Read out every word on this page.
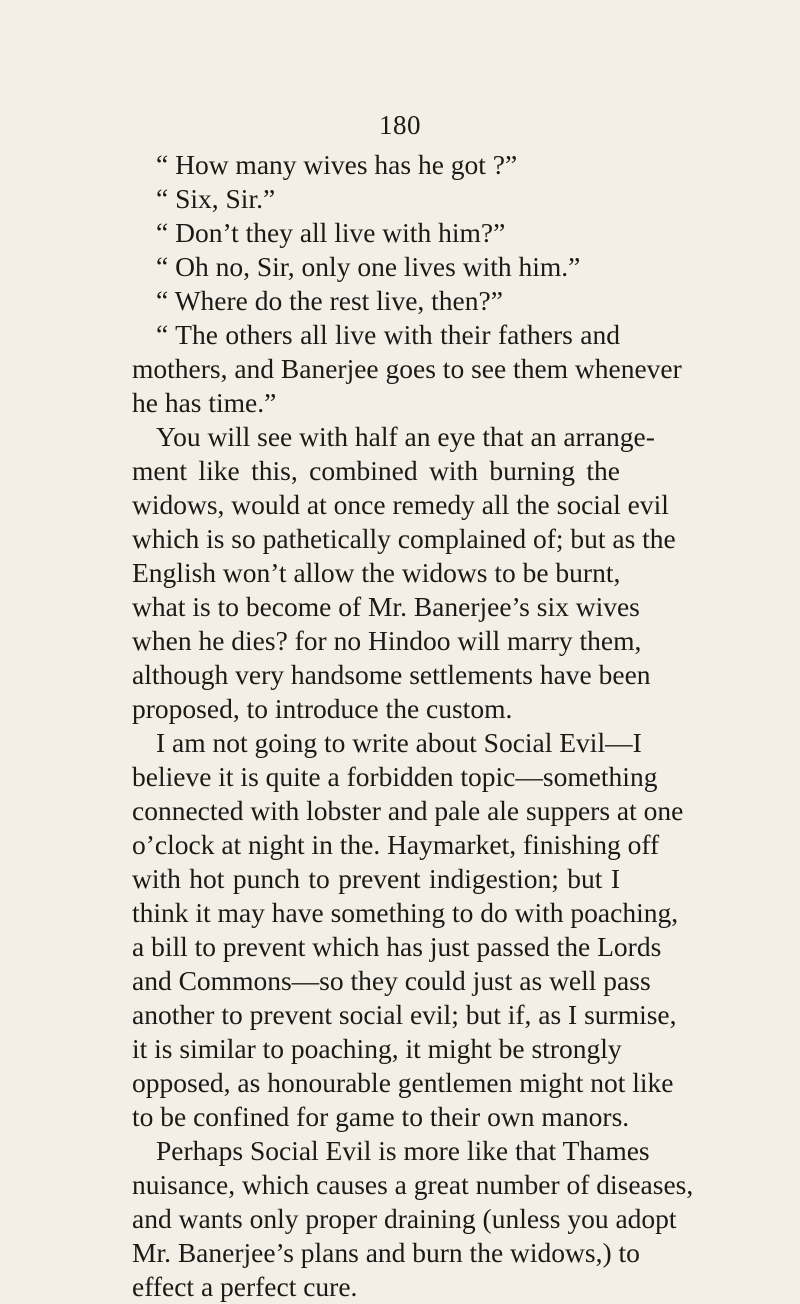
180
“ How many wives has he got ?”
“ Six, Sir.”
“ Don’t they all live with him?”
“ Oh no, Sir, only one lives with him.”
“ Where do the rest live, then?”
“ The others all live with their fathers and
mothers, and Banerjee goes to see them whenever
he has time.”
You will see with half an eye that an arrange-
ment like this, combined with burning the
widows, would at once remedy all the social evil
which is so pathetically complained of; but as the
English won’t allow the widows to be burnt,
what is to become of Mr. Banerjee’s six wives
when he dies? for no Hindoo will marry them,
although very handsome settlements have been
proposed, to introduce the custom.
I am not going to write about Social Evil—I
believe it is quite a forbidden topic—something
connected with lobster and pale ale suppers at one
o’clock at night in the. Haymarket, finishing off
with hot punch to prevent indigestion; but I
think it may have something to do with poaching,
a bill to prevent which has just passed the Lords
and Commons—so they could just as well pass
another to prevent social evil; but if, as I surmise,
it is similar to poaching, it might be strongly
opposed, as honourable gentlemen might not like
to be confined for game to their own manors.
Perhaps Social Evil is more like that Thames
nuisance, which causes a great number of diseases,
and wants only proper draining (unless you adopt
Mr. Banerjee’s plans and burn the widows,) to
effect a perfect cure.
